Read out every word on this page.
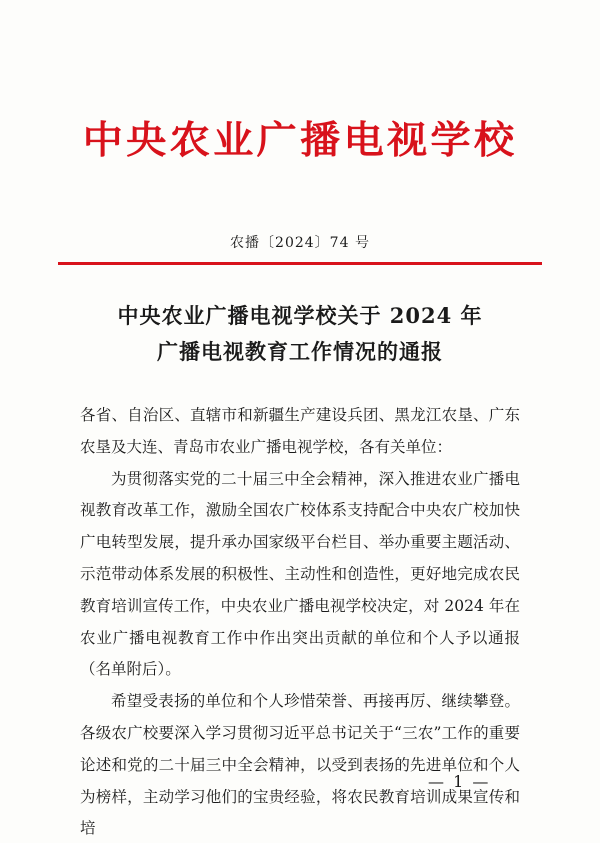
中央农业广播电视学校
农播〔2024〕74 号
中央农业广播电视学校关于 2024 年
广播电视教育工作情况的通报

各省、自治区、直辖市和新疆生产建设兵团、黑龙江农垦、广东农垦及大连、青岛市农业广播电视学校，各有关单位：

为贯彻落实党的二十届三中全会精神，深入推进农业广播电视教育改革工作，激励全国农广校体系支持配合中央农广校加快广电转型发展，提升承办国家级平台栏目、举办重要主题活动、示范带动体系发展的积极性、主动性和创造性，更好地完成农民教育培训宣传工作，中央农业广播电视学校决定，对 2024 年在农业广播电视教育工作中作出突出贡献的单位和个人予以通报（名单附后）。

希望受表扬的单位和个人珍惜荣誉、再接再厉、继续攀登。各级农广校要深入学习贯彻习近平总书记关于“三农”工作的重要论述和党的二十届三中全会精神，以受到表扬的先进单位和个人为榜样，主动学习他们的宝贵经验，将农民教育培训成果宣传和培

— 1 —
